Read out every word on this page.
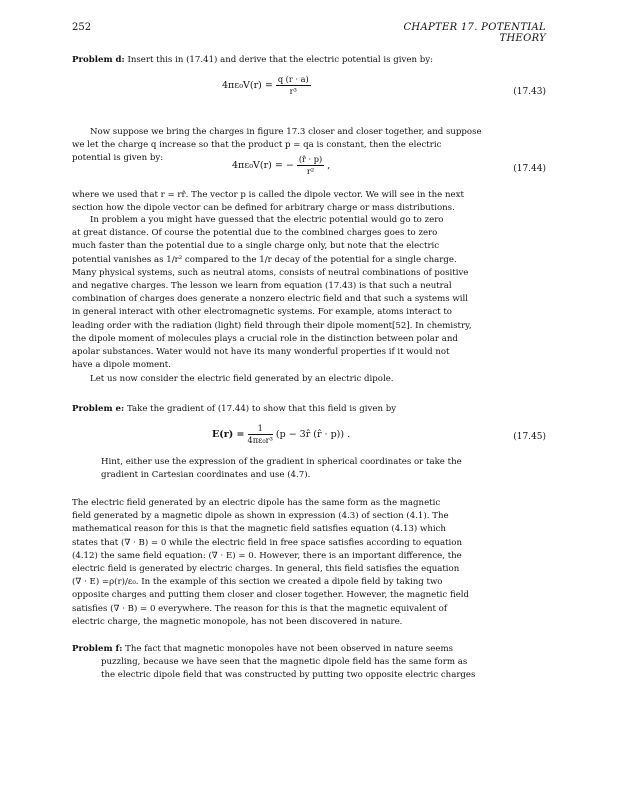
252	CHAPTER 17. POTENTIAL THEORY
Problem d: Insert this in (17.41) and derive that the electric potential is given by:
$4\pi\varepsilon_0V(r) = \frac{q (r \cdot a)}{\text{r³}}$	(17.43)
Now suppose we bring the charges in figure 17.3 closer and closer together, and suppose
we let the charge q increase so that the product p = qa is constant, then the electric
potential is given by:
4πε₀V(r) = − $\frac{(r̂ \cdot p)}{\text{r²}}$ ,	(17.44)
where we used that r = rr̂. The vector p is called the dipole vector. We will see in the next
section how the dipole vector can be defined for arbitrary charge or mass distributions.
In problem a you might have guessed that the electric potential would go to zero
at great distance. Of course the potential due to the combined charges goes to zero
much faster than the potential due to a single charge only, but note that the electric
potential vanishes as 1/r² compared to the 1/r decay of the potential for a single charge.
Many physical systems, such as neutral atoms, consists of neutral combinations of positive
and negative charges. The lesson we learn from equation (17.43) is that such a neutral
combination of charges does generate a nonzero electric field and that such a systems will
in general interact with other electromagnetic systems. For example, atoms interact to
leading order with the radiation (light) field through their dipole moment[52]. In chemistry,
the dipole moment of molecules plays a crucial role in the distinction between polar and
apolar substances. Water would not have its many wonderful properties if it would not
have a dipole moment.
Let us now consider the electric field generated by an electric dipole.
Problem e: Take the gradient of (17.44) to show that this field is given by
$E(r) = \frac{1}{\text{4πε₀r³}} (p$ − 3r̂ (r̂ · p)) .	(17.45)
Hint, either use the expression of the gradient in spherical coordinates or take the
gradient in Cartesian coordinates and use (4.7).
The electric field generated by an electric dipole has the same form as the magnetic
field generated by a magnetic dipole as shown in expression (4.3) of section (4.1). The
mathematical reason for this is that the magnetic field satisfies equation (4.13) which
states that (∇ · B) = 0 while the electric field in free space satisfies according to equation
(4.12) the same field equation: (∇ · E) = 0. However, there is an important difference, the
electric field is generated by electric charges. In general, this field satisfies the equation
(∇ · E) =ρ(r)/ε₀. In the example of this section we created a dipole field by taking two
opposite charges and putting them closer and closer together. However, the magnetic field
satisfies (∇ · B) = 0 everywhere. The reason for this is that the magnetic equivalent of
electric charge, the magnetic monopole, has not been discovered in nature.
Problem f: The fact that magnetic monopoles have not been observed in nature seems
puzzling, because we have seen that the magnetic dipole field has the same form as
the electric dipole field that was constructed by putting two opposite electric charges
